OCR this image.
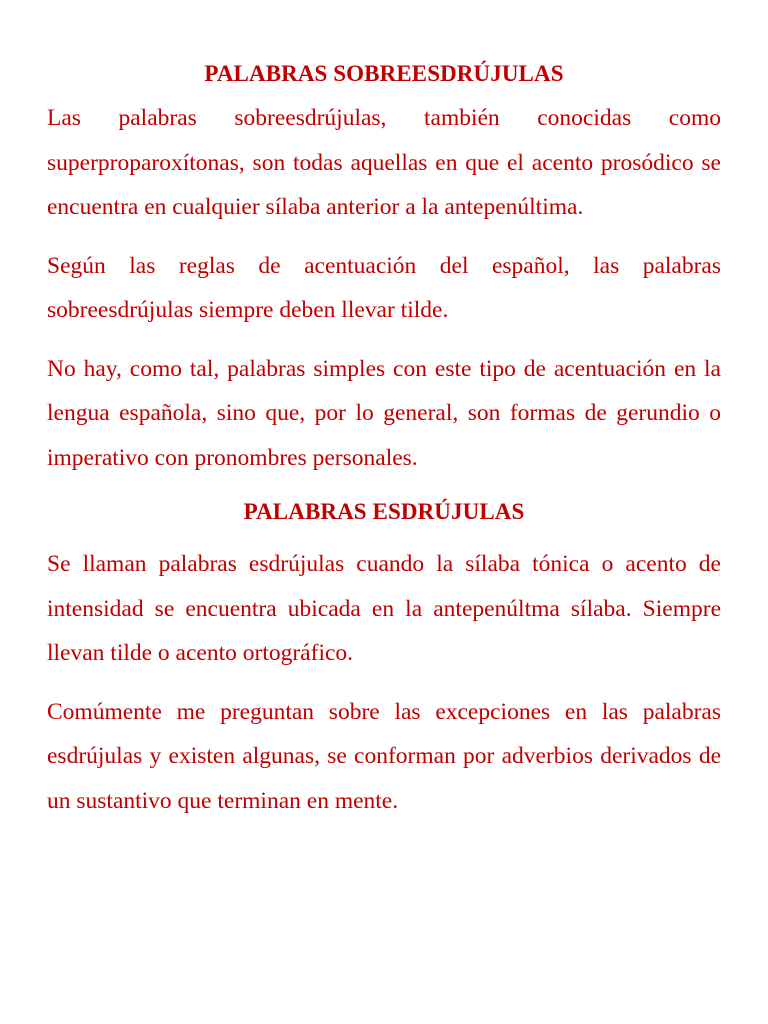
PALABRAS SOBREESDRÚJULAS

Las palabras sobreesdrújulas, también conocidas como superproparoxítonas, son todas aquellas en que el acento prosódico se encuentra en cualquier sílaba anterior a la antepenúltima.

Según las reglas de acentuación del español, las palabras sobreesdrújulas siempre deben llevar tilde.

No hay, como tal, palabras simples con este tipo de acentuación en la lengua española, sino que, por lo general, son formas de gerundio o imperativo con pronombres personales.

PALABRAS ESDRÚJULAS

Se llaman palabras esdrújulas cuando la sílaba tónica o acento de intensidad se encuentra ubicada en la antepenúltma sílaba. Siempre llevan tilde o acento ortográfico.

Comúmente me preguntan sobre las excepciones en las palabras esdrújulas y existen algunas, se conforman por adverbios derivados de un sustantivo que terminan en mente.
